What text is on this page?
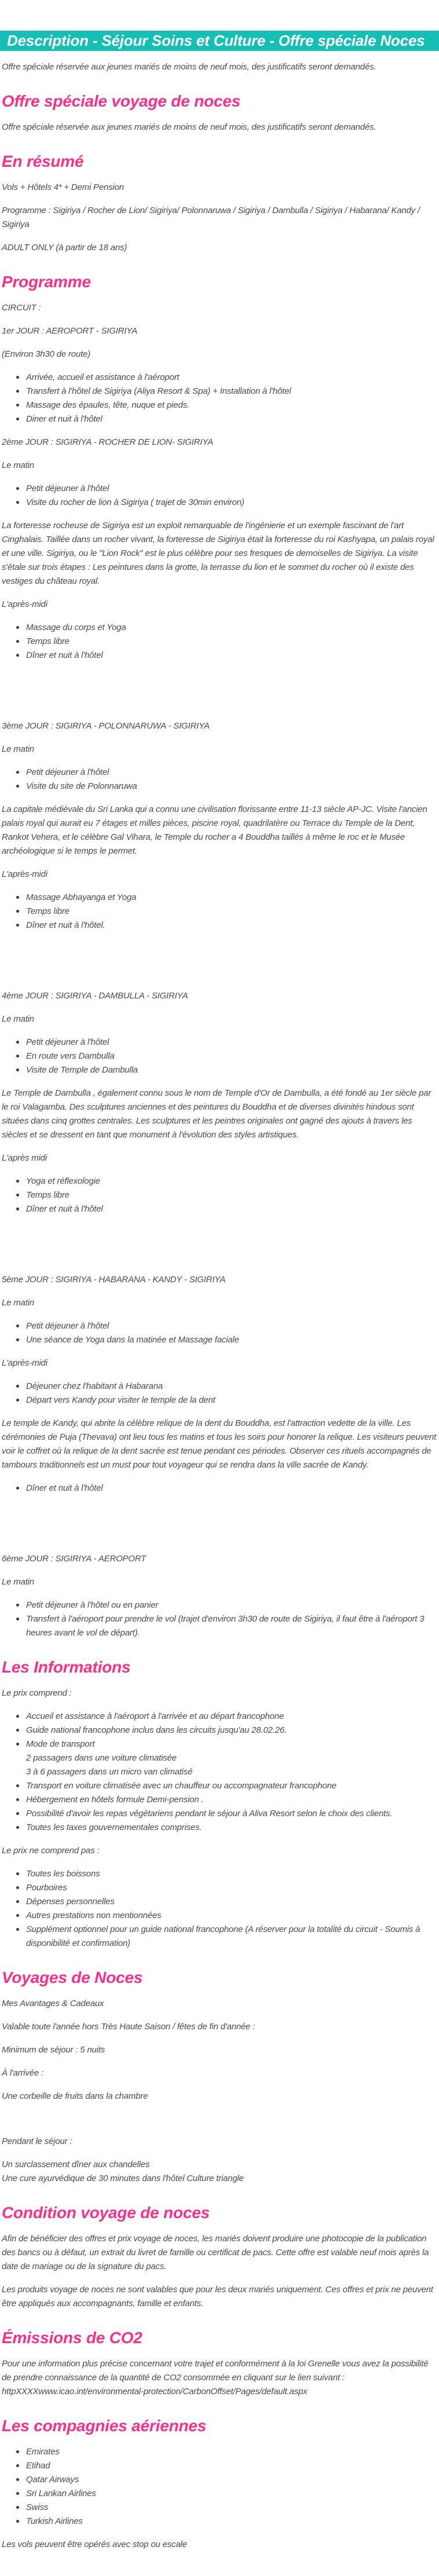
Description - Séjour Soins et Culture - Offre spéciale Noces

Offre spéciale réservée aux jeunes mariés de moins de neuf mois, des justificatifs seront demandés.

Offre spéciale voyage de noces

Offre spéciale réservée aux jeunes mariés de moins de neuf mois, des justificatifs seront demandés.

En résumé

Vols + Hôtels 4* + Demi Pension

Programme : Sigiriya / Rocher de Lion/ Sigiriya/ Polonnaruwa / Sigiriya / Dambulla / Sigiriya / Habarana/ Kandy / Sigiriya

ADULT ONLY (à partir de 18 ans)

Programme

CIRCUIT :

1er JOUR : AEROPORT - SIGIRIYA

(Environ 3h30 de route)

Arrivée, accueil et assistance à l'aéroport
Transfert à l'hôtel de Sigiriya (Aliya Resort & Spa) + Installation à l'hôtel
Massage des épaules, tête, nuque et pieds.
Diner et nuit à l'hôtel

2ème JOUR : SIGIRIYA - ROCHER DE LION- SIGIRIYA

Le matin

Petit déjeuner à l'hôtel
Visite du rocher de lion à Sigiriya ( trajet de 30min environ)

La forteresse rocheuse de Sigiriya est un exploit remarquable de l'ingénierie et un exemple fascinant de l'art Cinghalais. Taillée dans un rocher vivant, la forteresse de Sigiriya était la forteresse du roi Kashyapa, un palais royal et une ville. Sigiriya, ou le "Lion Rock" est le plus célèbre pour ses fresques de demoiselles de Sigiriya. La visite s'étale sur trois étapes : Les peintures dans la grotte, la terrasse du lion et le sommet du rocher où il existe des vestiges du château royal.

L'après-midi

Massage du corps et Yoga
Temps libre
Dîner et nuit à l'hôtel

3ème JOUR : SIGIRIYA - POLONNARUWA - SIGIRIYA

Le matin

Petit déjeuner à l'hôtel
Visite du site de Polonnaruwa

La capitale médiévale du Sri Lanka qui a connu une civilisation florissante entre 11-13 siècle AP-JC. Visite l'ancien palais royal qui aurait eu 7 étages et milles pièces, piscine royal, quadrilatère ou Terrace du Temple de la Dent, Rankot Vehera, et le célèbre Gal Vihara, le Temple du rocher a 4 Bouddha taillés à même le roc et le Musée archéologique si le temps le permet.

L'après-midi

Massage Abhayanga et Yoga
Temps libre
Dîner et nuit à l'hôtel.

4ème JOUR : SIGIRIYA - DAMBULLA - SIGIRIYA

Le matin

Petit déjeuner à l'hôtel
En route vers Dambulla
Visite de Temple de Dambulla

Le Temple de Dambulla , également connu sous le nom de Temple d'Or de Dambulla, a été fondé au 1er siècle par le roi Valagamba. Des sculptures anciennes et des peintures du Bouddha et de diverses divinités hindous sont situées dans cinq grottes centrales. Les sculptures et les peintres originales ont gagné des ajouts à travers les siècles et se dressent en tant que monument à l'évolution des styles artistiques.

L'après midi

Yoga et réflexologie
Temps libre
Dîner et nuit à l'hôtel

5ème JOUR : SIGIRIYA - HABARANA - KANDY - SIGIRIYA

Le matin

Petit déjeuner à l'hôtel
Une séance de Yoga dans la matinée et Massage faciale

L'après-midi

Déjeuner chez l'habitant à Habarana
Départ vers Kandy pour visiter le temple de la dent

Le temple de Kandy, qui abrite la célèbre relique de la dent du Bouddha, est l'attraction vedette de la ville. Les cérémonies de Puja (Thevava) ont lieu tous les matins et tous les soirs pour honorer la relique. Les visiteurs peuvent voir le coffret où la relique de la dent sacrée est tenue pendant ces périodes. Observer ces rituels accompagnés de tambours traditionnels est un must pour tout voyageur qui se rendra dans la ville sacrée de Kandy.

Dîner et nuit à l'hôtel

6ème JOUR : SIGIRIYA - AEROPORT

Le matin

Petit déjeuner à l'hôtel ou en panier
Transfert à l'aéroport pour prendre le vol (trajet d'environ 3h30 de route de Sigiriya, il faut être à l'aéroport 3 heures avant le vol de départ).
Les Informations

Le prix comprend :

Accueil et assistance à l'aéroport à l'arrivée et au départ francophone
Guide national francophone inclus dans les circuits jusqu'au 28.02.26.
Mode de transport
2 passagers dans une voiture climatisée
3 à 6 passagers dans un micro van climatisé
Transport en voiture climatisée avec un chauffeur ou accompagnateur francophone
Hébergement en hôtels formule Demi-pension .
Possibilité d'avoir les repas végétariens pendant le séjour à Aliva Resort selon le choix des clients.
Toutes les taxes gouvernementales comprises.

Le prix ne comprend pas :

Toutes les boissons
Pourboires
Dépenses personnelles
Autres prestations non mentionnées
Supplément optionnel pour un guide national francophone (A réserver pour la totalité du circuit - Soumis à disponibilité et confirmation)
Voyages de Noces

Mes Avantages & Cadeaux

Valable toute l'année hors Très Haute Saison / fêtes de fin d'année :

Minimum de séjour : 5 nuits

À l'arrivée :

Une corbeille de fruits dans la chambre

Pendant le séjour :

Un surclassement dîner aux chandelles
Une cure ayurvédique de 30 minutes dans l'hôtel Culture triangle

Condition voyage de noces

Afin de bénéficier des offres et prix voyage de noces, les mariés doivent produire une photocopie de la publication des bancs ou à défaut, un extrait du livret de famille ou certificat de pacs. Cette offre est valable neuf mois après la date de mariage ou de la signature du pacs.

Les produits voyage de noces ne sont valables que pour les deux mariés uniquement. Ces offres et prix ne peuvent être appliqués aux accompagnants, famille et enfants.

Émissions de CO2

Pour une information plus précise concernant votre trajet et conformément à la loi Grenelle vous avez la possibilité de prendre connaissance de la quantité de CO2 consommée en cliquant sur le lien suivant :
httpXXXXwww.icao.int/environmental-protection/CarbonOffset/Pages/default.aspx

Les compagnies aériennes
Emirates
Etihad
Qatar Airways
Sri Lankan Airlines
Swiss
Turkish Airlines

Les vols peuvent être opérés avec stop ou escale
